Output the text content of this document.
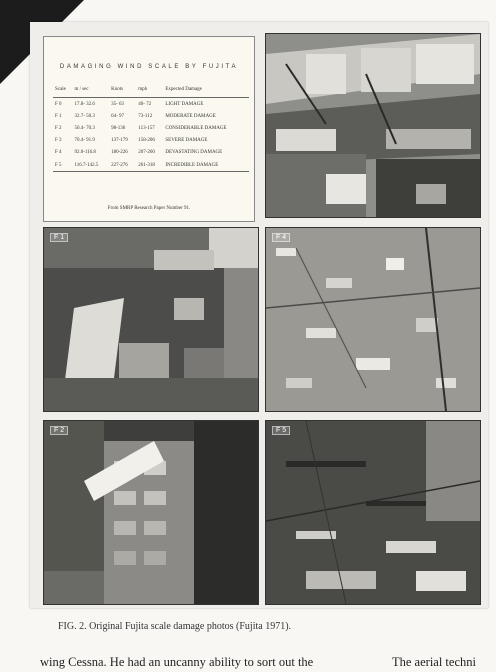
DAMAGING WIND SCALE BY FUJITA
Scale	m / sec	Knots	mph	Expected Damage
F 0	17.8- 32.6	35- 63	40- 72	LIGHT DAMAGE
F 1	32.7- 50.3	64- 97	73-112	MODERATE DAMAGE
F 2	50.4- 70.3	98-136	113-157	CONSIDERABLE DAMAGE
F 3	70.4- 91.9	137-179	158-206	SEVERE DAMAGE
F 4	92.0-116.8	180-226	207-260	DEVASTATING DAMAGE
F 5	116.7-142.5	227-276	261-318	INCREDIBLE DAMAGE
From SMRP Research Paper Number 91.
F 1	F 4
F 2	F 5
FIG. 2. Original Fujita scale damage photos (Fujita 1971).
wing Cessna. He had an uncanny ability to sort out the	The aerial techni
